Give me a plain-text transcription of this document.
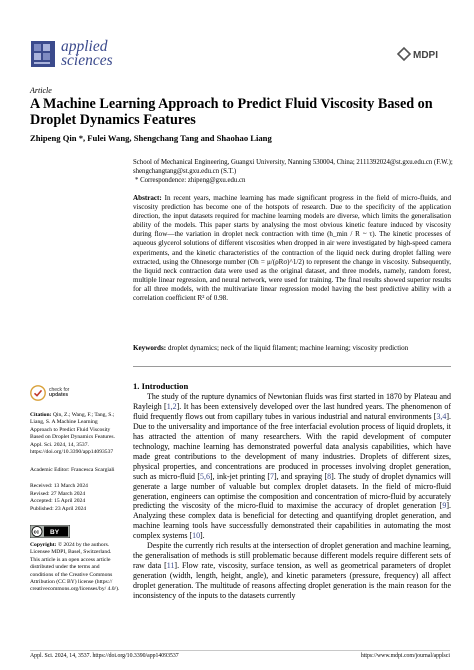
applied
sciences	MDPI
Article
A Machine Learning Approach to Predict Fluid Viscosity Based on Droplet Dynamics Features
Zhipeng Qin *, Fulei Wang, Shengchang Tang and Shaohao Liang
School of Mechanical Engineering, Guangxi University, Nanning 530004, China; 2111392024@st.gxu.edu.cn (F.W.);
shengchangtang@st.gxu.edu.cn (S.T.)
* Correspondence: zhipeng@gxu.edu.cn
Abstract: In recent years, machine learning has made significant progress in the field of micro-fluids, and viscosity prediction has become one of the hotspots of research. Due to the specificity of the application direction, the input datasets required for machine learning models are diverse, which limits the generalisation ability of the models. This paper starts by analysing the most obvious kinetic feature induced by viscosity during flow—the variation in droplet neck contraction with time (h_min / R ~ τ). The kinetic processes of aqueous glycerol solutions of different viscosities when dropped in air were investigated by high-speed camera experiments, and the kinetic characteristics of the contraction of the liquid neck during droplet falling were extracted, using the Ohnesorge number (Oh = μ/(ρRσ)^1/2) to represent the change in viscosity. Subsequently, the liquid neck contraction data were used as the original dataset, and three models, namely, random forest, multiple linear regression, and neural network, were used for training. The final results showed superior results for all three models, with the multivariate linear regression model having the best predictive ability with a correlation coefficient R² of 0.98.
Keywords: droplet dynamics; neck of the liquid filament; machine learning; viscosity prediction
check for
updates
Citation: Qin, Z.; Wang, F.; Tang, S.; Liang, S. A Machine Learning Approach to Predict Fluid Viscosity Based on Droplet Dynamics Features. Appl. Sci. 2024, 14, 3537. https://doi.org/10.3390/app14093537
Academic Editor: Francesca Scargiali
Received: 13 March 2024
Revised: 27 March 2024
Accepted: 15 April 2024
Published: 23 April 2024
cc BY
Copyright: © 2024 by the authors. Licensee MDPI, Basel, Switzerland. This article is an open access article distributed under the terms and conditions of the Creative Commons Attribution (CC BY) license (https:// creativecommons.org/licenses/by/ 4.0/).
1. Introduction

The study of the rupture dynamics of Newtonian fluids was first started in 1870 by Plateau and Rayleigh [1,2]. It has been extensively developed over the last hundred years. The phenomenon of fluid frequently flows out from capillary tubes in various industrial and natural environments [3,4]. Due to the universality and importance of the free interfacial evolution process of liquid droplets, it has attracted the attention of many researchers. With the rapid development of computer technology, machine learning has demonstrated powerful data analysis capabilities, which have made great contributions to the development of many industries. Droplets of different sizes, physical properties, and concentrations are produced in processes involving droplet generation, such as micro-fluid [5,6], ink-jet printing [7], and spraying [8]. The study of droplet dynamics will generate a large number of valuable but complex droplet datasets. In the field of micro-fluid generation, engineers can optimise the composition and concentration of micro-fluid by accurately predicting the viscosity of the micro-fluid to maximise the accuracy of droplet generation [9]. Analyzing these complex data is beneficial for detecting and quantifying droplet generation, and machine learning tools have successfully demonstrated their capabilities in automating the most complex systems [10].

Despite the currently rich results at the intersection of droplet generation and machine learning, the generalisation of methods is still problematic because different models require different sets of raw data [11]. Flow rate, viscosity, surface tension, as well as geometrical parameters of droplet generation (width, length, height, angle), and kinetic parameters (pressure, frequency) all affect droplet generation. The multitude of reasons affecting droplet generation is the main reason for the inconsistency of the inputs to the datasets currently

Appl. Sci. 2024, 14, 3537. https://doi.org/10.3390/app14093537	https://www.mdpi.com/journal/applsci
